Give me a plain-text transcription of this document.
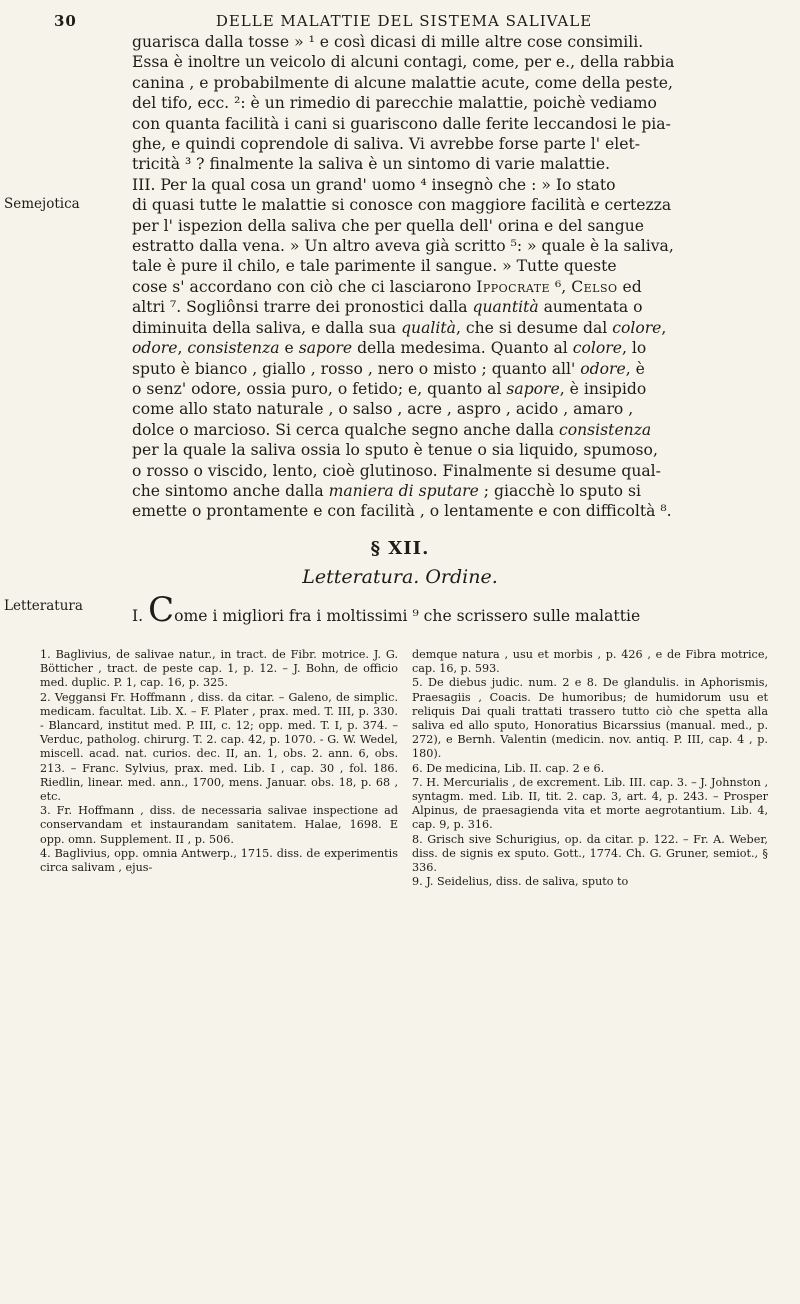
30	DELLE MALATTIE DEL SISTEMA SALIVALE
Semejotica
Letteratura

guarisca dalla tosse » ¹ e così dicasi di mille altre cose consimili.

Essa è inoltre un veicolo di alcuni contagi, come, per e., della rabbia

canina , e probabilmente di alcune malattie acute, come della peste,

del tifo, ecc. ²: è un rimedio di parecchie malattie, poichè vediamo

con quanta facilità i cani si guariscono dalle ferite leccandosi le pia-

ghe, e quindi coprendole di saliva. Vi avrebbe forse parte l' elet-

tricità ³ ? finalmente la saliva è un sintomo di varie malattie.

III. Per la qual cosa un grand' uomo ⁴ insegnò che : » Io stato

di quasi tutte le malattie si conosce con maggiore facilità e certezza

per l' ispezion della saliva che per quella dell' orina e del sangue

estratto dalla vena. » Un altro aveva già scritto ⁵: » quale è la saliva,

tale è pure il chilo, e tale parimente il sangue. » Tutte queste

cose s' accordano con ciò che ci lasciarono Ippocrate ⁶, Celso ed

altri ⁷. Sogliônsi trarre dei pronostici dalla quantità aumentata o

diminuita della saliva, e dalla sua qualità, che si desume dal colore,

odore, consistenza e sapore della medesima. Quanto al colore, lo

sputo è bianco , giallo , rosso , nero o misto ; quanto all' odore, è

o senz' odore, ossia puro, o fetido; e, quanto al sapore, è insipido

come allo stato naturale , o salso , acre , aspro , acido , amaro ,

dolce o marcioso. Si cerca qualche segno anche dalla consistenza

per la quale la saliva ossia lo sputo è tenue o sia liquido, spumoso,

o rosso o viscido, lento, cioè glutinoso. Finalmente si desume qual-

che sintomo anche dalla maniera di sputare ; giacchè lo sputo si

emette o prontamente e con facilità , o lentamente e con difficoltà ⁸.

§ XII.
Letteratura. Ordine.
I. Come i migliori fra i moltissimi ⁹ che scrissero sulle malattie

1. Baglivius, de salivae natur., in tract. de Fibr. motrice. J. G. Bötticher , tract. de peste cap. 1, p. 12. – J. Bohn, de officio med. duplic. P. 1, cap. 16, p. 325.

2. Veggansi Fr. Hoffmann , diss. da citar. – Galeno, de simplic. medicam. facultat. Lib. X. – F. Plater , prax. med. T. III, p. 330. - Blancard, institut med. P. III, c. 12; opp. med. T. I, p. 374. – Verduc, patholog. chirurg. T. 2. cap. 42, p. 1070. - G. W. Wedel, miscell. acad. nat. curios. dec. II, an. 1, obs. 2. ann. 6, obs. 213. – Franc. Sylvius, prax. med. Lib. I , cap. 30 , fol. 186. Riedlin, linear. med. ann., 1700, mens. Januar. obs. 18, p. 68 , etc.

3. Fr. Hoffmann , diss. de necessaria salivae inspectione ad conservandam et instaurandam sanitatem. Halae, 1698. E opp. omn. Supplement. II , p. 506.

4. Baglivius, opp. omnia Antwerp., 1715. diss. de experimentis circa salivam , ejus-

demque natura , usu et morbis , p. 426 , e de Fibra motrice, cap. 16, p. 593.

5. De diebus judic. num. 2 e 8. De glandulis. in Aphorismis, Praesagiis , Coacis. De humoribus; de humidorum usu et reliquis Dai quali trattati trassero tutto ciò che spetta alla saliva ed allo sputo, Honoratius Bicarssius (manual. med., p. 272), e Bernh. Valentin (medicin. nov. antiq. P. III, cap. 4 , p. 180).

6. De medicina, Lib. II. cap. 2 e 6.

7. H. Mercurialis , de excrement. Lib. III. cap. 3. – J. Johnston , syntagm. med. Lib. II, tit. 2. cap. 3, art. 4, p. 243. – Prosper Alpinus, de praesagienda vita et morte aegrotantium. Lib. 4, cap. 9, p. 316.

8. Grisch sive Schurigius, op. da citar. p. 122. – Fr. A. Weber, diss. de signis ex sputo. Gott., 1774. Ch. G. Gruner, semiot., § 336.

9. J. Seidelius, diss. de saliva, sputo to
